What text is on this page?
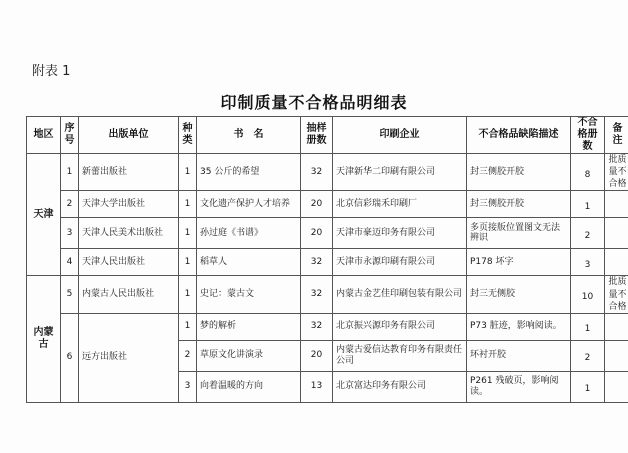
附表 1
印制质量不合格品明细表
地区	序号	出版单位	种类	书　名	抽样册数	印刷企业	不合格品缺陷描述	不合格册数	备注
天津	1	新蕾出版社	1	35 公斤的希望	32	天津新华二印刷有限公司	封三侧胶开胶	8	批质量不合格
	2	天津大学出版社	1	文化遗产保护人才培养	20	北京信彩瑞禾印刷厂	封三侧胶开胶	1	
	3	天津人民美术出版社	1	孙过庭《书谱》	20	天津市豪迈印务有限公司	多页接版位置图文无法辨识	2	
	4	天津人民出版社	1	稻草人	32	天津市永源印刷有限公司	P178 坏字	3	
内蒙古	5	内蒙古人民出版社	1	史记：蒙古文	32	内蒙古金艺佳印刷包装有限公司	封三无侧胶	10	批质量不合格
	6	远方出版社	1	梦的解析	32	北京振兴源印务有限公司	P73 脏迹，影响阅读。	1	
			2	草原文化讲演录	20	内蒙古爱信达教育印务有限责任公司	环衬开胶	2	
			3	向着温暖的方向	13	北京富达印务有限公司	P261 残破页，影响阅读。	1	
